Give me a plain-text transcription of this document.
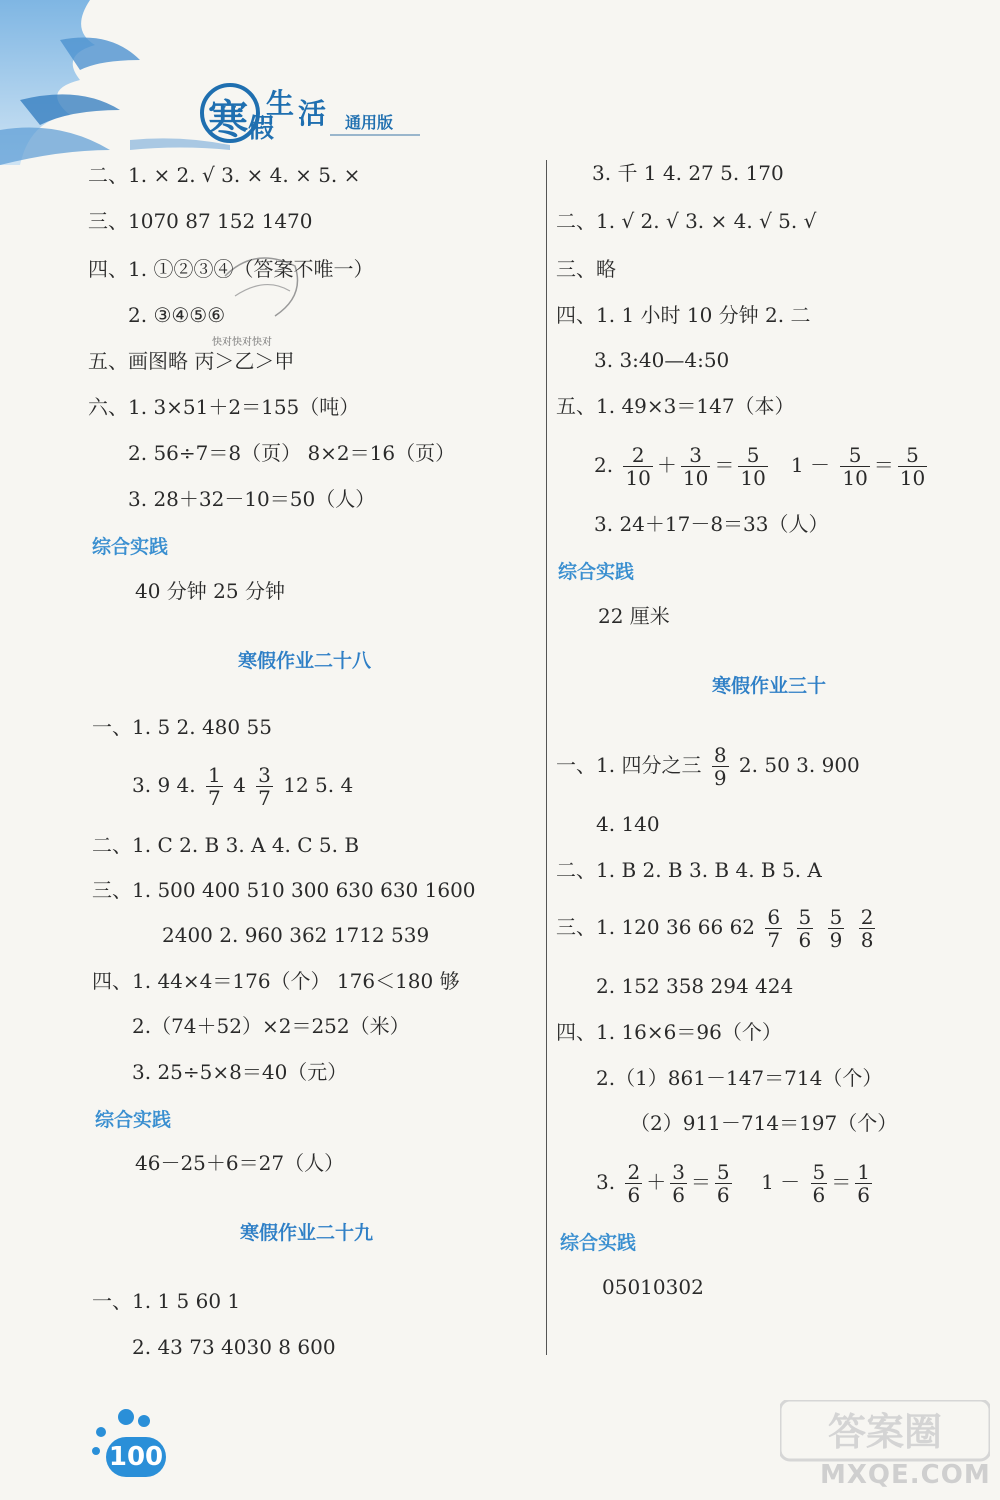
寒 假
生 活 通用版
快对快对快对
二、1. × 2. √ 3. × 4. × 5. ×
三、1070 87 152 1470
四、1. ①②③④（答案不唯一）
2. ③④⑤⑥
五、画图略 丙＞乙＞甲
六、1. 3×51＋2＝155（吨）
2. 56÷7＝8（页） 8×2＝16（页）
3. 28＋32－10＝50（人）
综合实践
40 分钟 25 分钟
寒假作业二十八
一、1. 5 2. 480 55
3. 9 4. $\frac{1}{7} 4 \frac{3}{7} 12$ 5. 4
二、1. C 2. B 3. A 4. C 5. B
三、1. 500 400 510 300 630 630 1600
2400 2. 960 362 1712 539
四、1. 44×4＝176（个） 176＜180 够
2.（74＋52）×2＝252（米）
3. 25÷5×8＝40（元）
综合实践
46－25＋6＝27（人）
寒假作业二十九
一、1. 1 5 60 1
2. 43 73 4030 8 600
3. 千 1 4. 27 5. 170
二、1. √ 2. √ 3. × 4. √ 5. √
三、略
四、1. 1 小时 10 分钟 2. 二
3. 3:40—4:50
五、1. 49×3＝147（本）
2. $\frac{2}{10} + \frac{3}{10} = \frac{5}{10} 1 - \frac{5}{10} = \frac{5}{10}$
3. 24＋17－8＝33（人）
综合实践
22 厘米
寒假作业三十
一、1. 四分之三 $\frac{8}{9} 2$. 50 3. 900
4. 140
二、1. B 2. B 3. B 4. B 5. A
三、1. 120 36 66 $62 \frac{6}{7}$
$\frac{5}{6}$
$\frac{5}{9}$
$\frac{2}{8}$
2. 152 358 294 424
四、1. 16×6＝96（个）
2.（1）861－147＝714（个）
（2）911－714＝197（个）
3. $\frac{2}{6} + \frac{3}{6} = \frac{5}{6} 1 - \frac{5}{6} = \frac{1}{6}$
综合实践
05010302
100
答案圈
MXQE.COM
